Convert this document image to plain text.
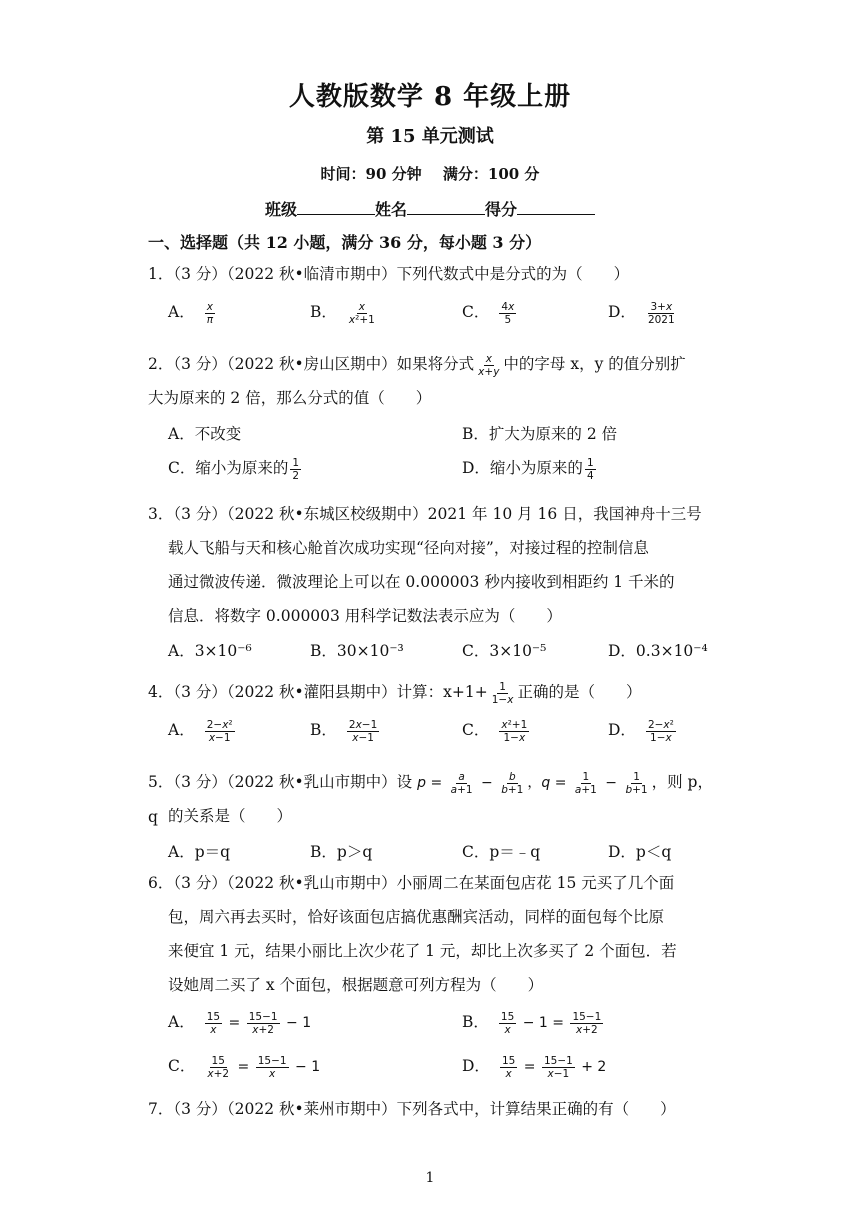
人教版数学 8 年级上册
第 15 单元测试
时间：90 分钟 满分：100 分
班级	姓名	得分
一、选择题（共 12 小题，满分 36 分，每小题 3 分）
1．（3 分）（2022 秋•临清市期中）下列代数式中是分式的为（　　）
A． $\frac{x}{\pi}$	B． $\frac{x}{\text{x²+1}}$	C． $\frac{4x}{5}$	D． $\frac{3+x}{2021}$
2．（3 分）（2022 秋•房山区期中）如果将分式 $\frac{x}{x+y}$ 中的字母 x，y 的值分别扩
大为原来的 2 倍，那么分式的值（　　）
A．不改变	B．扩大为原来的 2 倍
C．缩小为原来的 $\frac{1}{2}$	D．缩小为原来的 $\frac{1}{4}$
3．（3 分）（2022 秋•东城区校级期中）2021 年 10 月 16 日，我国神舟十三号
载人飞船与天和核心舱首次成功实现“径向对接”，对接过程的控制信息
通过微波传递．微波理论上可以在 0.000003 秒内接收到相距约 1 千米的
信息．将数字 0.000003 用科学记数法表示应为（　　）
A．3×10⁻⁶	B．30×10⁻³	C．3×10⁻⁵	D．0.3×10⁻⁴
4．（3 分）（2022 秋•灌阳县期中）计算：$x+1+ \frac{1}{1-x}$ 正确的是（　　）
A． $\frac{\text{2−x²}}{x-1}$	B． $\frac{2x-1}{x-1}$	C． $\frac{\text{x²+1}}{1-x}$	D． $\frac{\text{2−x²}}{1-x}$
5．（3 分）（2022 秋•乳山市期中）设 $p = \frac{a}{a+1} - \frac{b}{b+1}$ ，$q = \frac{1}{a+1} - \frac{1}{b+1}$ ，则 p，q 的关系是（　　）
A．p＝q	B．p＞q	C．p＝﹣q	D．p＜q
6．（3 分）（2022 秋•乳山市期中）小丽周二在某面包店花 15 元买了几个面
包，周六再去买时，恰好该面包店搞优惠酬宾活动，同样的面包每个比原
来便宜 1 元，结果小丽比上次少花了 1 元，却比上次多买了 2 个面包．若
设她周二买了 x 个面包，根据题意可列方程为（　　）
A． $\frac{15}{x} = \frac{15-1}{x+2} - 1$	B． $\frac{15}{x} - 1 = \frac{15-1}{x+2}$
C． $\frac{15}{x+2} = \frac{15-1}{x} - 1$	D． $\frac{15}{x} = \frac{15-1}{x-1} + 2$
7．（3 分）（2022 秋•莱州市期中）下列各式中，计算结果正确的有（　　）
1
